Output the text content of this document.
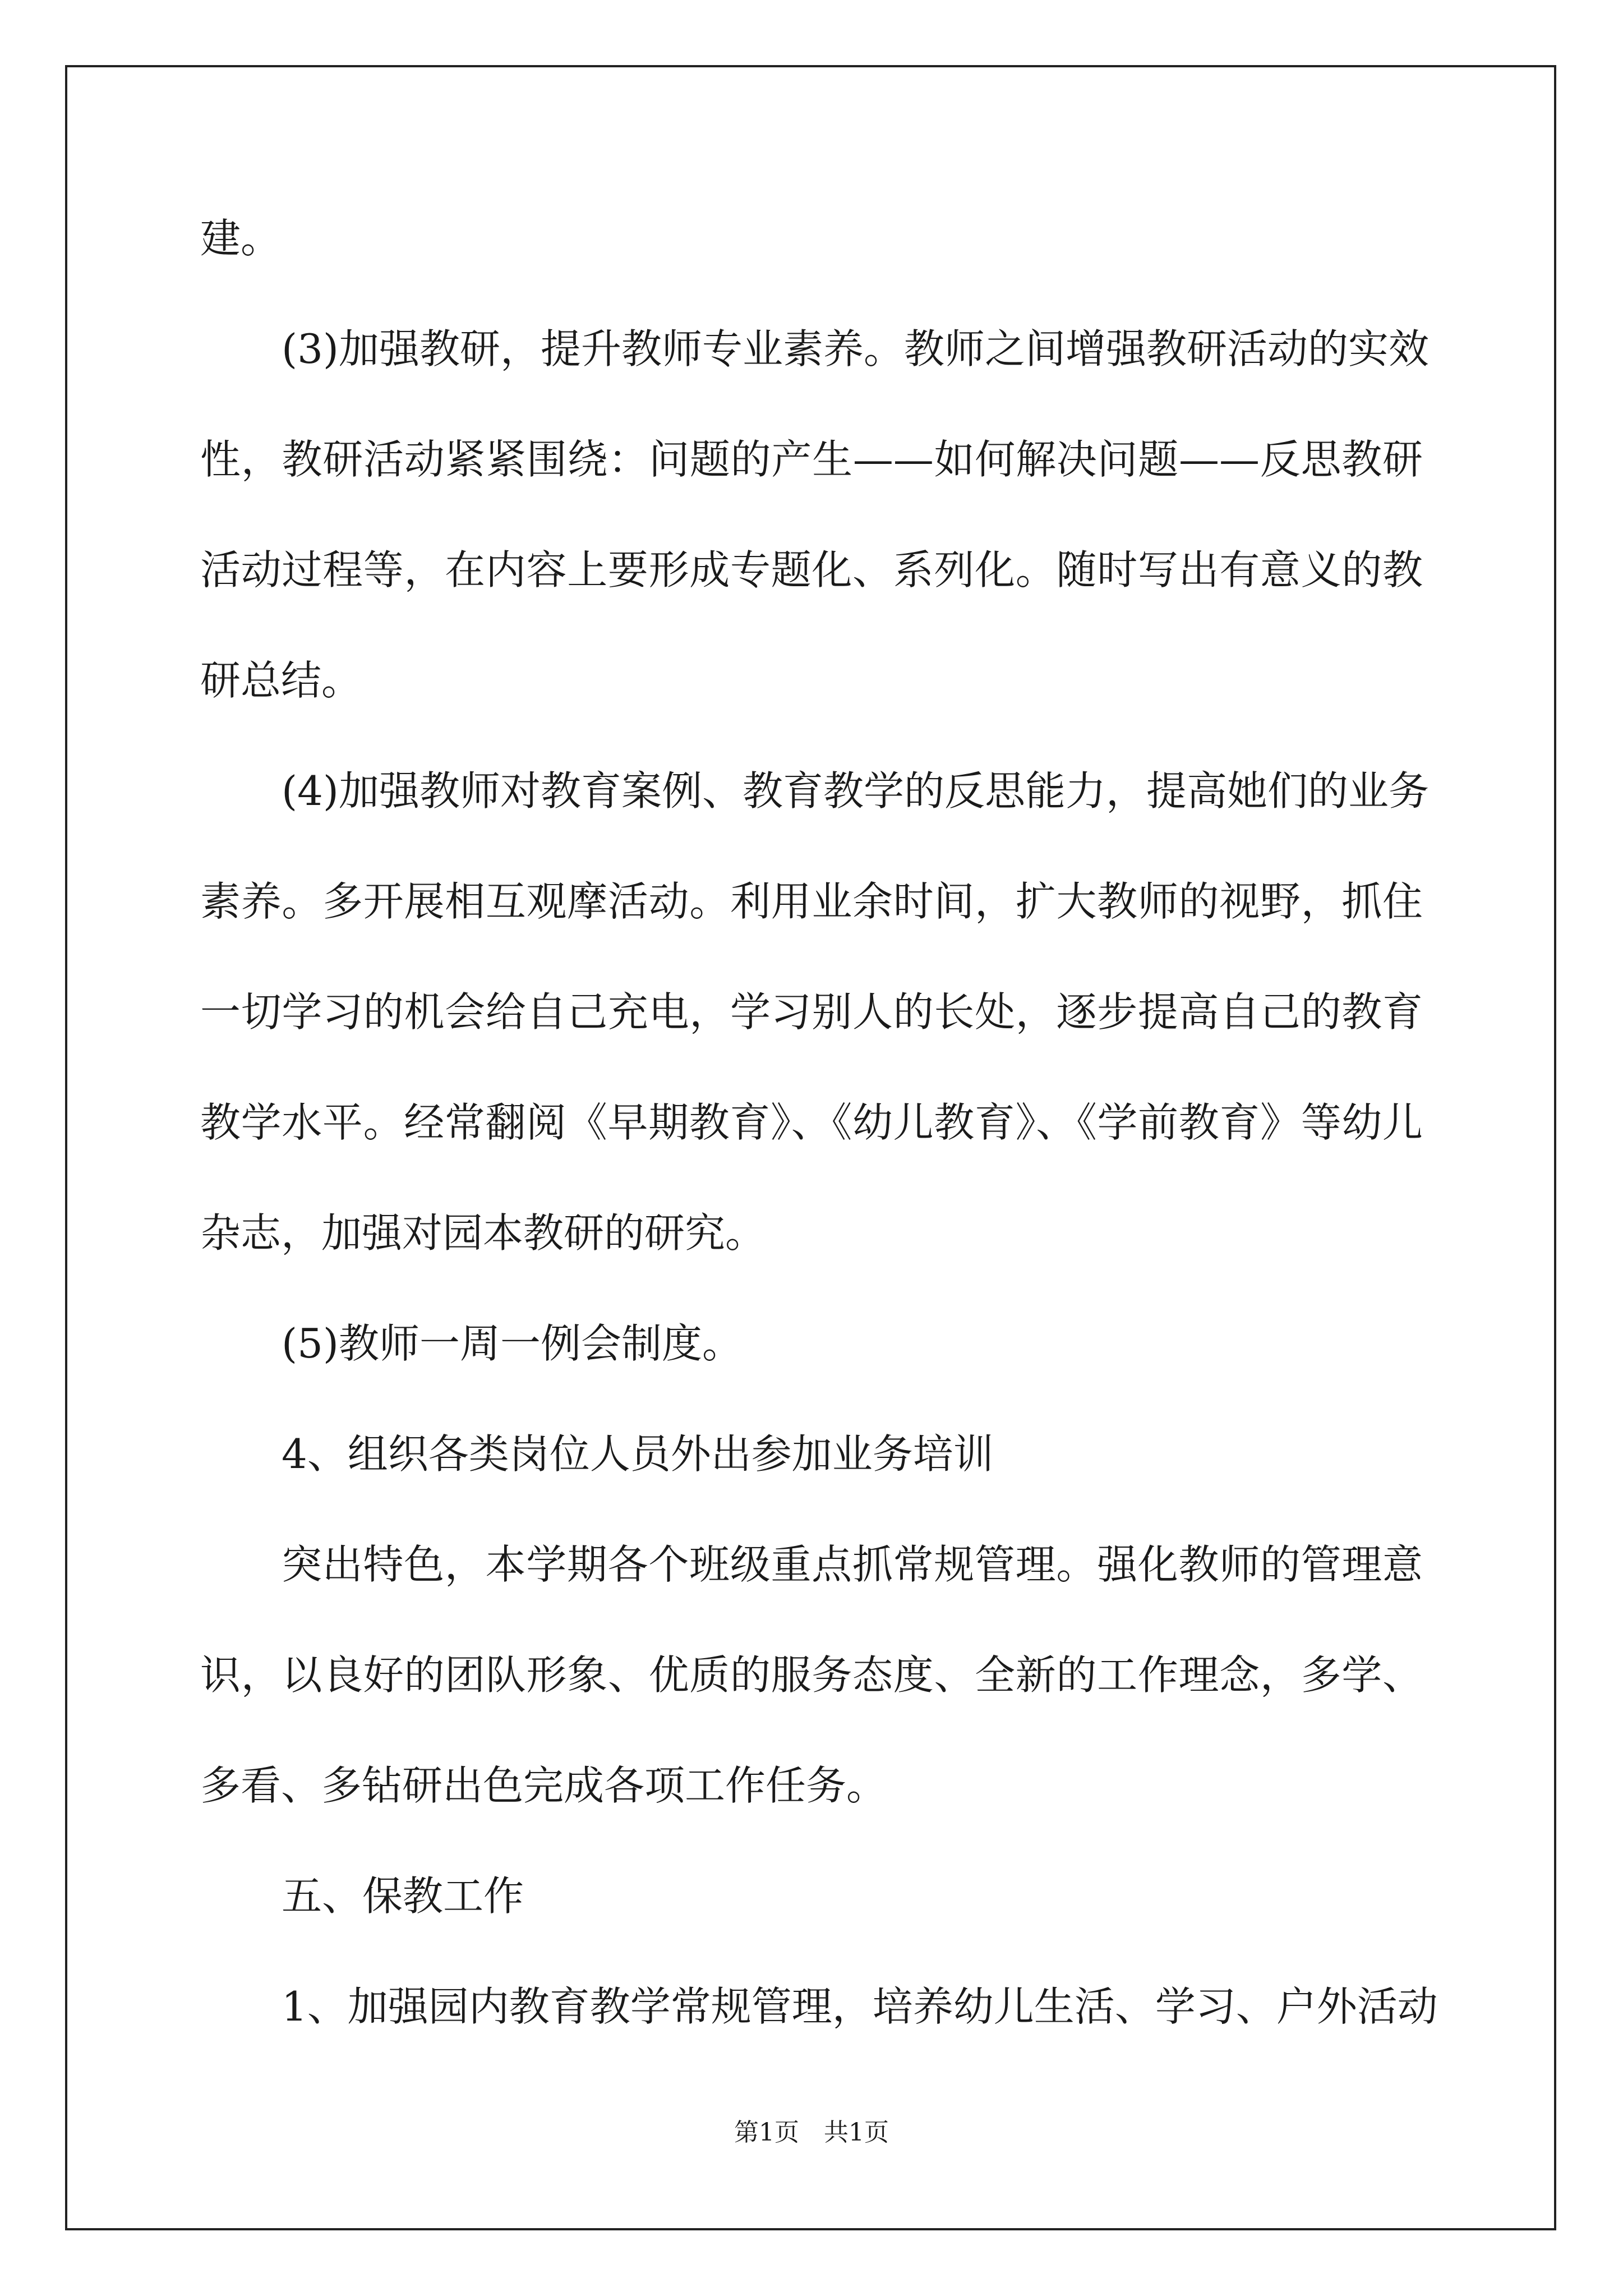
建。
(3)加强教研，提升教师专业素养。教师之间增强教研活动的实效
性，教研活动紧紧围绕：问题的产生——如何解决问题——反思教研
活动过程等，在内容上要形成专题化、系列化。随时写出有意义的教
研总结。
(4)加强教师对教育案例、教育教学的反思能力，提高她们的业务
素养。多开展相互观摩活动。利用业余时间，扩大教师的视野，抓住
一切学习的机会给自己充电，学习别人的长处，逐步提高自己的教育
教学水平。经常翻阅《早期教育》、《幼儿教育》、《学前教育》等幼儿
杂志，加强对园本教研的研究。
(5)教师一周一例会制度。
4、组织各类岗位人员外出参加业务培训
突出特色，本学期各个班级重点抓常规管理。强化教师的管理意
识，以良好的团队形象、优质的服务态度、全新的工作理念，多学、
多看、多钻研出色完成各项工作任务。
五、保教工作
1、加强园内教育教学常规管理，培养幼儿生活、学习、户外活动
第1页　共1页
